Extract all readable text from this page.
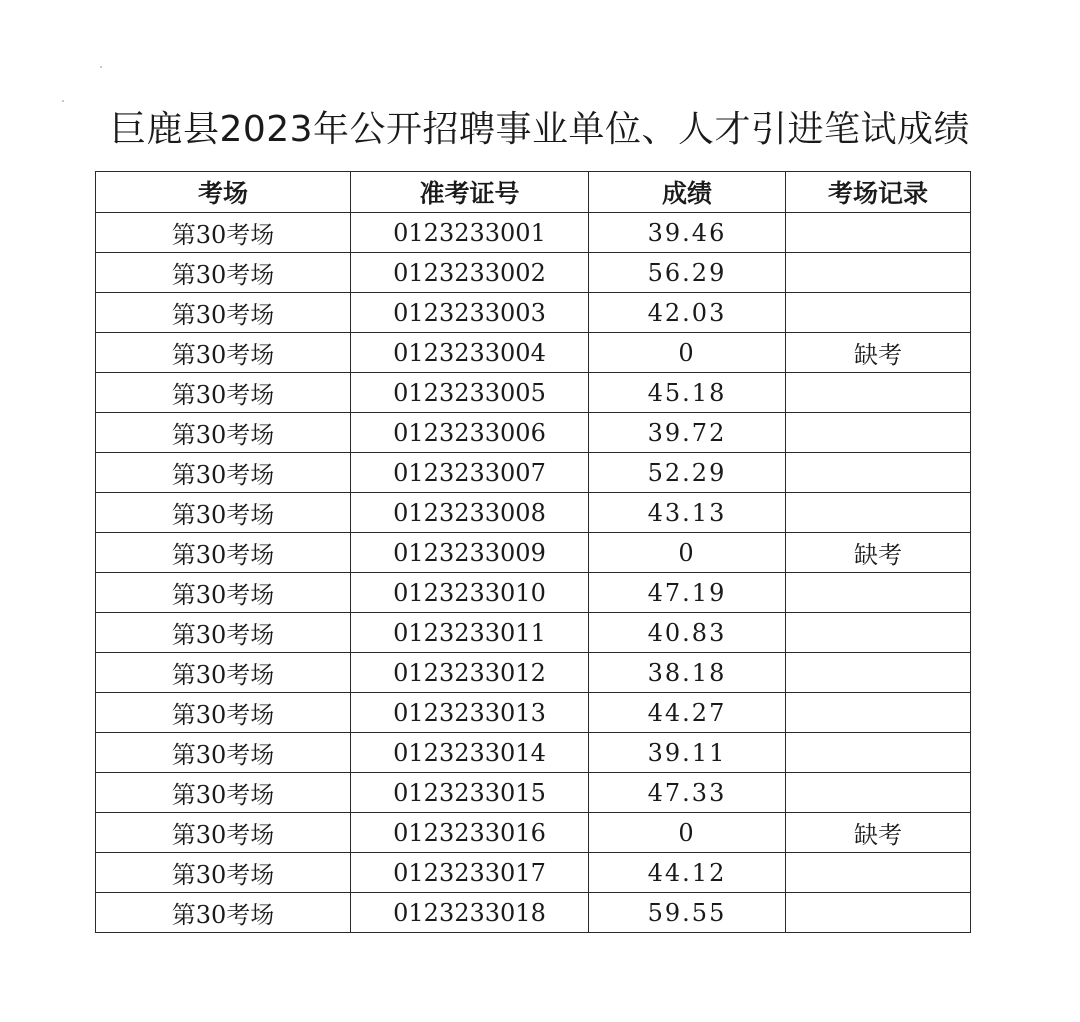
巨鹿县2023年公开招聘事业单位、人才引进笔试成绩
考场	准考证号	成绩	考场记录
第30考场	0123233001	39.46	
第30考场	0123233002	56.29	
第30考场	0123233003	42.03	
第30考场	0123233004	0	缺考
第30考场	0123233005	45.18	
第30考场	0123233006	39.72	
第30考场	0123233007	52.29	
第30考场	0123233008	43.13	
第30考场	0123233009	0	缺考
第30考场	0123233010	47.19	
第30考场	0123233011	40.83	
第30考场	0123233012	38.18	
第30考场	0123233013	44.27	
第30考场	0123233014	39.11	
第30考场	0123233015	47.33	
第30考场	0123233016	0	缺考
第30考场	0123233017	44.12	
第30考场	0123233018	59.55	
